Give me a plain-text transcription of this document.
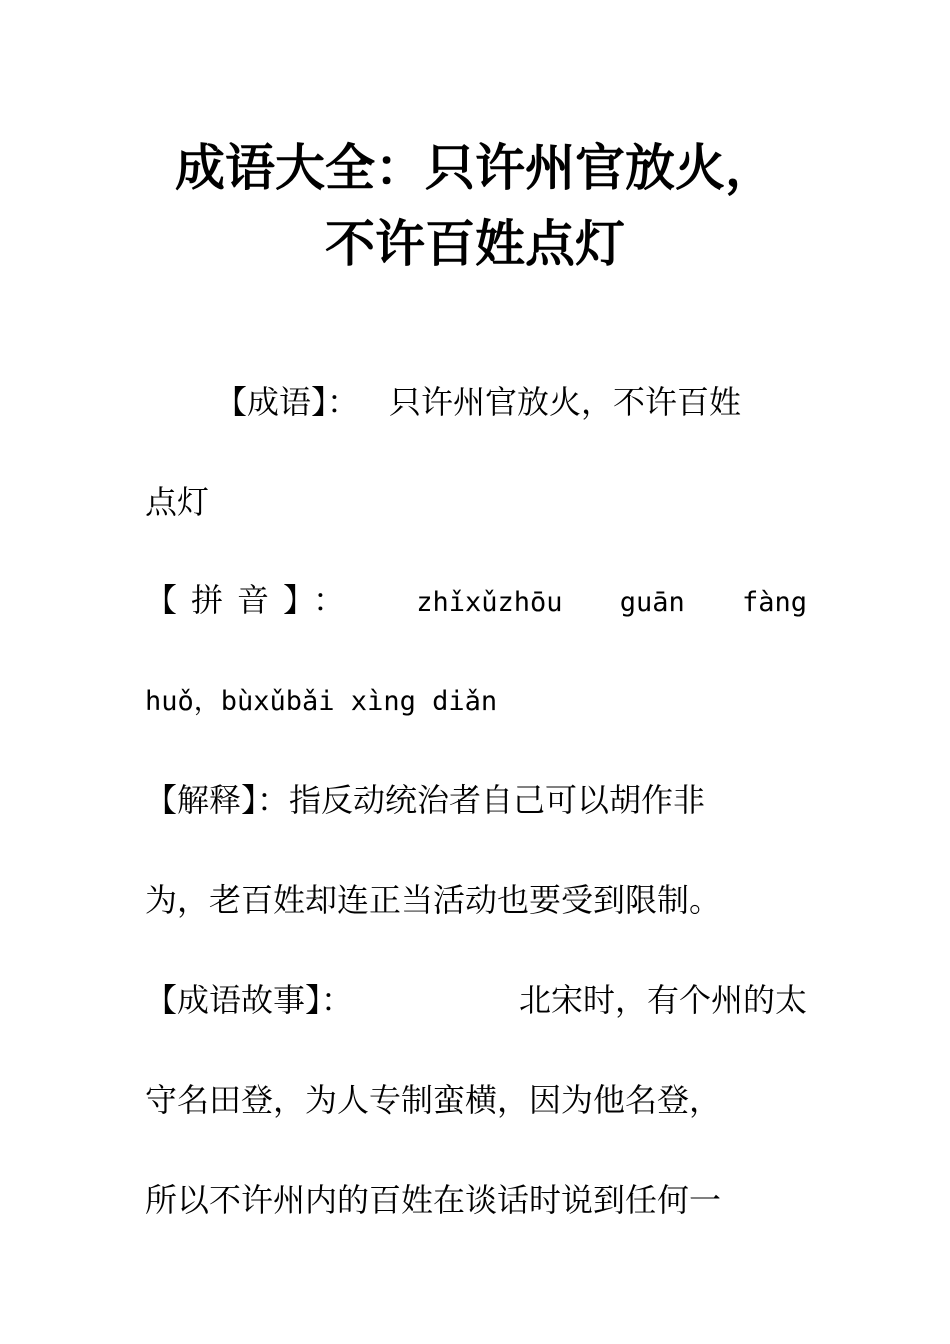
成语大全：只许州官放火，
不许百姓点灯
【成语】： 只许州官放火，不许百姓
点灯
【拼音】： zhǐxǔzhōu guān fàng
huǒ，bùxǔbǎi xìng diǎn
【解释】：指反动统治者自己可以胡作非
为，老百姓却连正当活动也要受到限制。
【成语故事】：	北宋时，有个州的太
守名田登，为人专制蛮横，因为他名登，
所以不许州内的百姓在谈话时说到任何一
